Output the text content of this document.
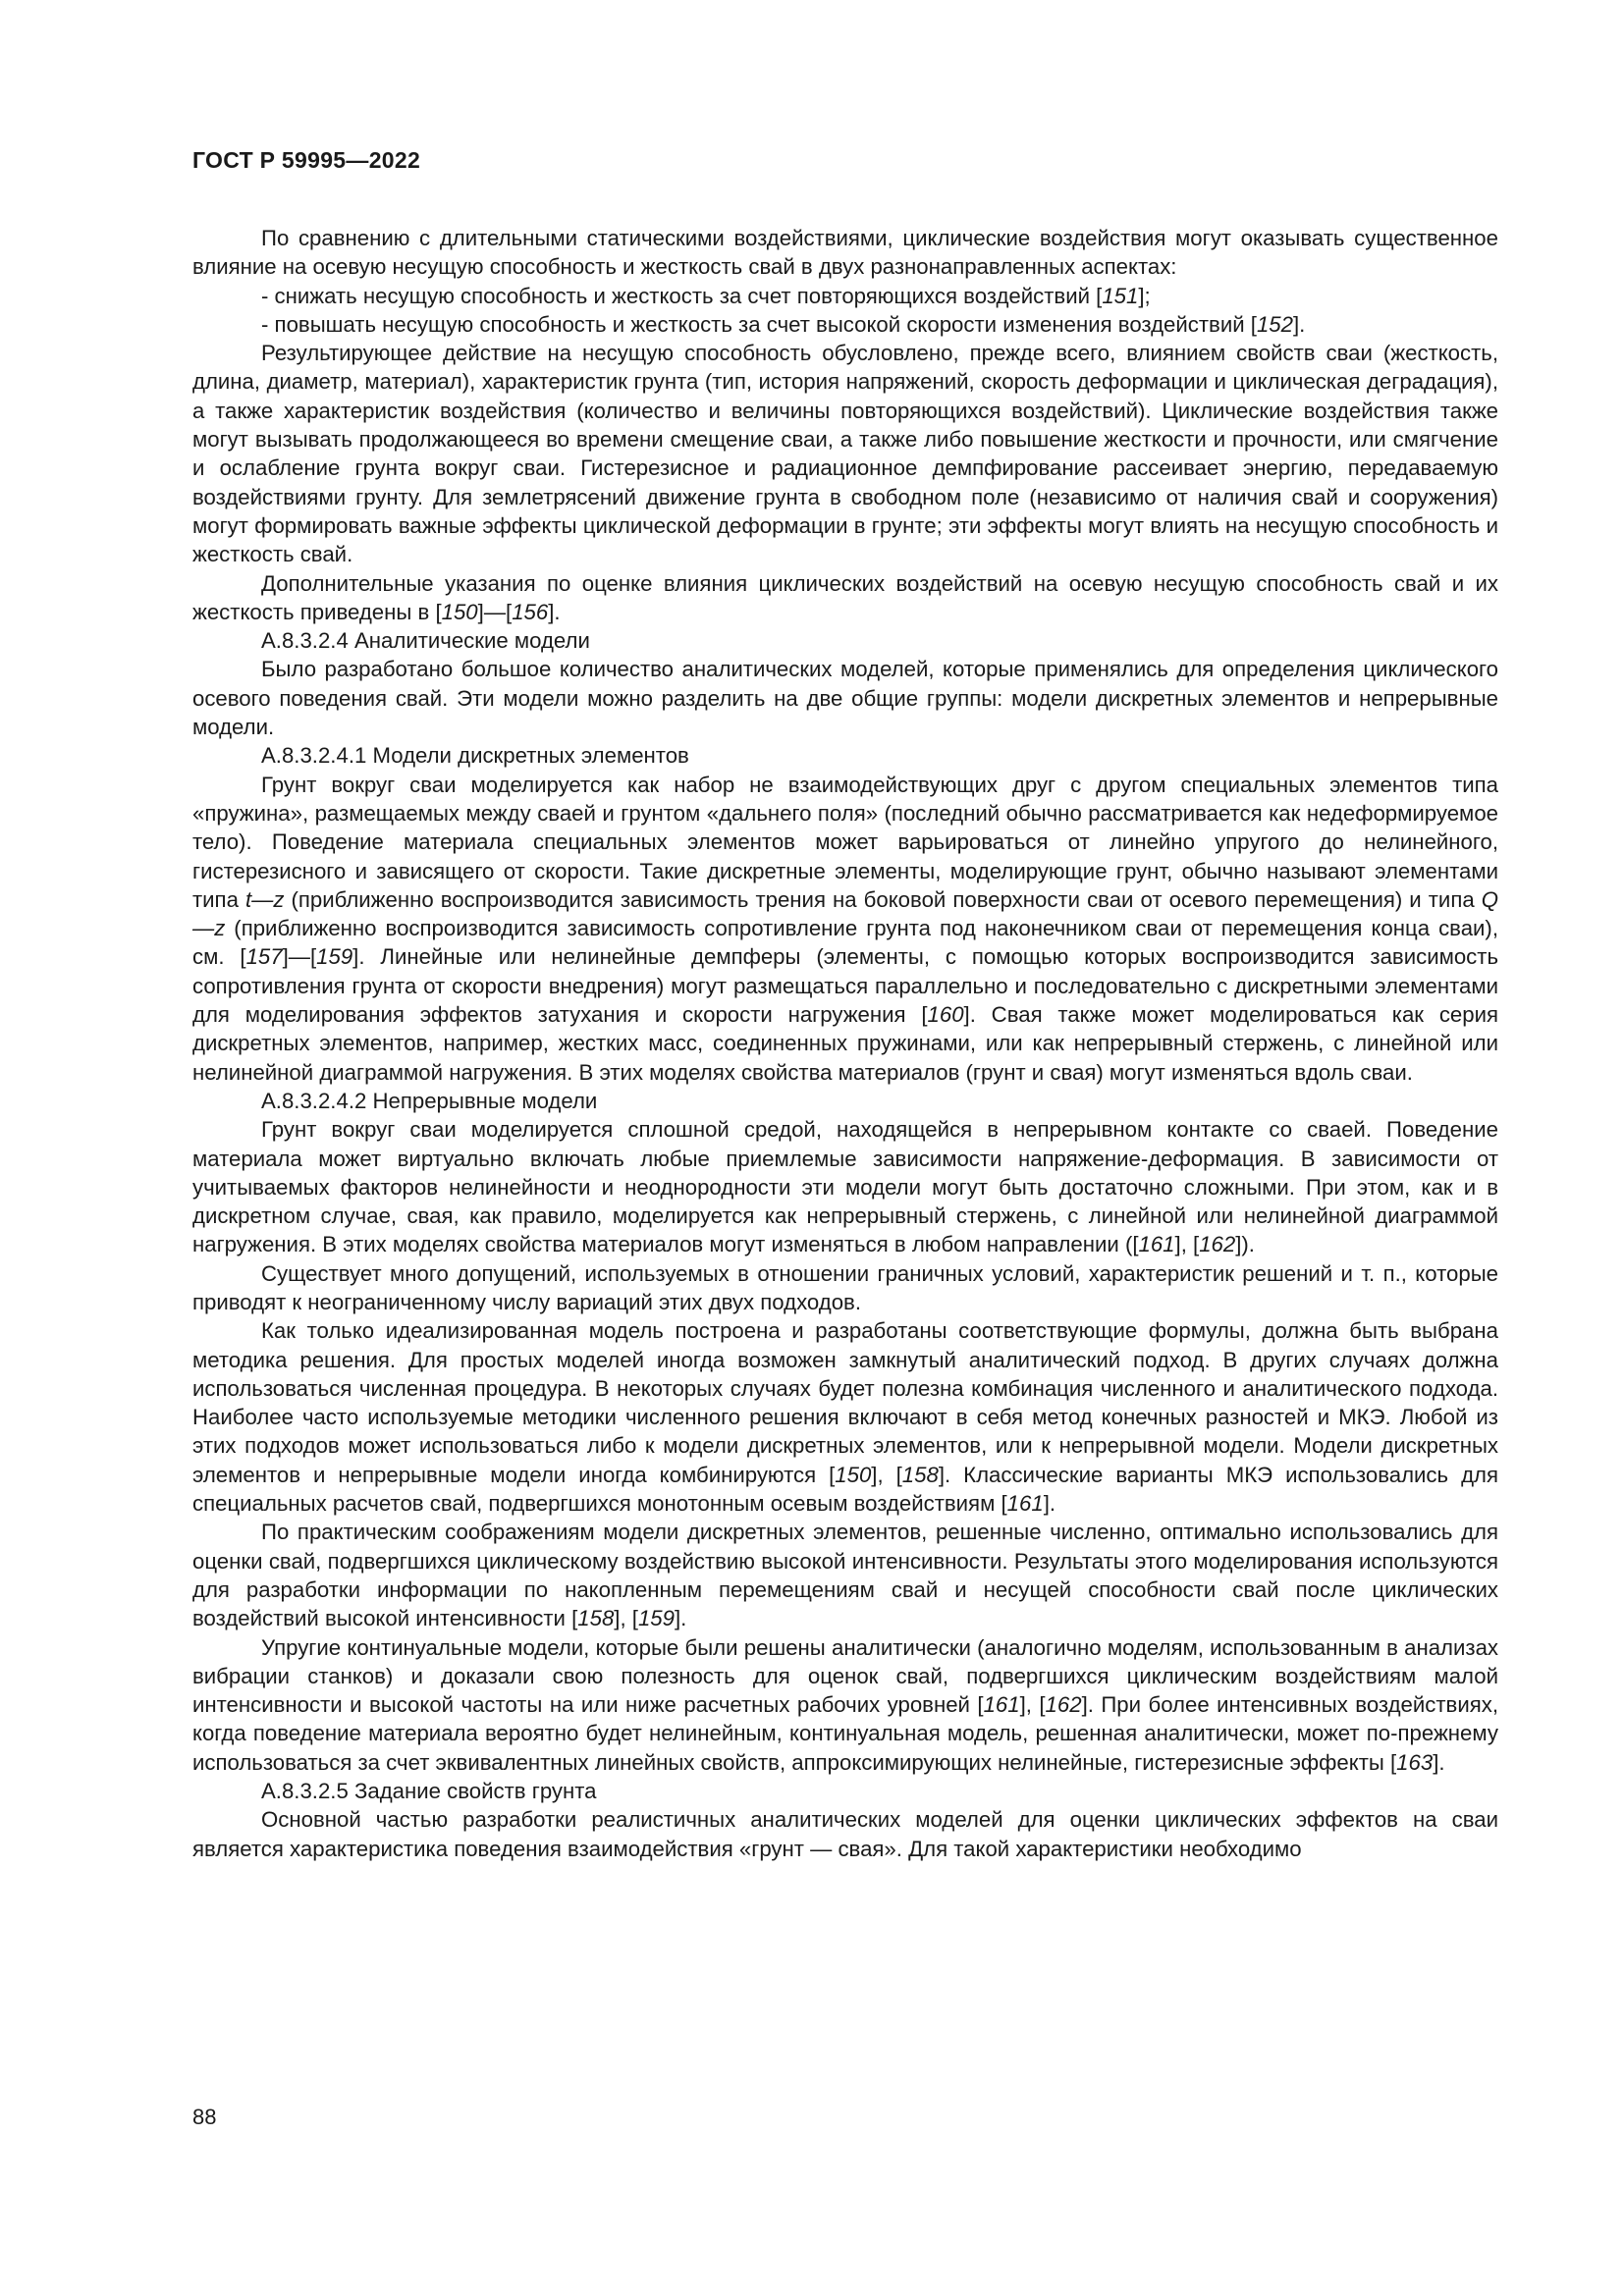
ГОСТ Р 59995—2022

По сравнению с длительными статическими воздействиями, циклические воздействия могут оказывать существенное влияние на осевую несущую способность и жесткость свай в двух разнонаправленных аспектах:

- снижать несущую способность и жесткость за счет повторяющихся воздействий [151];

- повышать несущую способность и жесткость за счет высокой скорости изменения воздействий [152].

Результирующее действие на несущую способность обусловлено, прежде всего, влиянием свойств сваи (жесткость, длина, диаметр, материал), характеристик грунта (тип, история напряжений, скорость деформации и циклическая деградация), а также характеристик воздействия (количество и величины повторяющихся воздействий). Циклические воздействия также могут вызывать продолжающееся во времени смещение сваи, а также либо повышение жесткости и прочности, или смягчение и ослабление грунта вокруг сваи. Гистерезисное и радиационное демпфирование рассеивает энергию, передаваемую воздействиями грунту. Для землетрясений движение грунта в свободном поле (независимо от наличия свай и сооружения) могут формировать важные эффекты циклической деформации в грунте; эти эффекты могут влиять на несущую способность и жесткость свай.

Дополнительные указания по оценке влияния циклических воздействий на осевую несущую способность свай и их жесткость приведены в [150]—[156].

А.8.3.2.4 Аналитические модели

Было разработано большое количество аналитических моделей, которые применялись для определения циклического осевого поведения свай. Эти модели можно разделить на две общие группы: модели дискретных элементов и непрерывные модели.

А.8.3.2.4.1 Модели дискретных элементов

Грунт вокруг сваи моделируется как набор не взаимодействующих друг с другом специальных элементов типа «пружина», размещаемых между сваей и грунтом «дальнего поля» (последний обычно рассматривается как недеформируемое тело). Поведение материала специальных элементов может варьироваться от линейно упругого до нелинейного, гистерезисного и зависящего от скорости. Такие дискретные элементы, моделирующие грунт, обычно называют элементами типа t—z (приближенно воспроизводится зависимость трения на боковой поверхности сваи от осевого перемещения) и типа Q—z (приближенно воспроизводится зависимость сопротивление грунта под наконечником сваи от перемещения конца сваи), см. [157]—[159]. Линейные или нелинейные демпферы (элементы, с помощью которых воспроизводится зависимость сопротивления грунта от скорости внедрения) могут размещаться параллельно и последовательно с дискретными элементами для моделирования эффектов затухания и скорости нагружения [160]. Свая также может моделироваться как серия дискретных элементов, например, жестких масс, соединенных пружинами, или как непрерывный стержень, с линейной или нелинейной диаграммой нагружения. В этих моделях свойства материалов (грунт и свая) могут изменяться вдоль сваи.

А.8.3.2.4.2 Непрерывные модели

Грунт вокруг сваи моделируется сплошной средой, находящейся в непрерывном контакте со сваей. Поведение материала может виртуально включать любые приемлемые зависимости напряжение-деформация. В зависимости от учитываемых факторов нелинейности и неоднородности эти модели могут быть достаточно сложными. При этом, как и в дискретном случае, свая, как правило, моделируется как непрерывный стержень, с линейной или нелинейной диаграммой нагружения. В этих моделях свойства материалов могут изменяться в любом направлении ([161], [162]).

Существует много допущений, используемых в отношении граничных условий, характеристик решений и т. п., которые приводят к неограниченному числу вариаций этих двух подходов.

Как только идеализированная модель построена и разработаны соответствующие формулы, должна быть выбрана методика решения. Для простых моделей иногда возможен замкнутый аналитический подход. В других случаях должна использоваться численная процедура. В некоторых случаях будет полезна комбинация численного и аналитического подхода. Наиболее часто используемые методики численного решения включают в себя метод конечных разностей и МКЭ. Любой из этих подходов может использоваться либо к модели дискретных элементов, или к непрерывной модели. Модели дискретных элементов и непрерывные модели иногда комбинируются [150], [158]. Классические варианты МКЭ использовались для специальных расчетов свай, подвергшихся монотонным осевым воздействиям [161].

По практическим соображениям модели дискретных элементов, решенные численно, оптимально использовались для оценки свай, подвергшихся циклическому воздействию высокой интенсивности. Результаты этого моделирования используются для разработки информации по накопленным перемещениям свай и несущей способности свай после циклических воздействий высокой интенсивности [158], [159].

Упругие континуальные модели, которые были решены аналитически (аналогично моделям, использованным в анализах вибрации станков) и доказали свою полезность для оценок свай, подвергшихся циклическим воздействиям малой интенсивности и высокой частоты на или ниже расчетных рабочих уровней [161], [162]. При более интенсивных воздействиях, когда поведение материала вероятно будет нелинейным, континуальная модель, решенная аналитически, может по-прежнему использоваться за счет эквивалентных линейных свойств, аппроксимирующих нелинейные, гистерезисные эффекты [163].

А.8.3.2.5 Задание свойств грунта

Основной частью разработки реалистичных аналитических моделей для оценки циклических эффектов на сваи является характеристика поведения взаимодействия «грунт — свая». Для такой характеристики необходимо

88
